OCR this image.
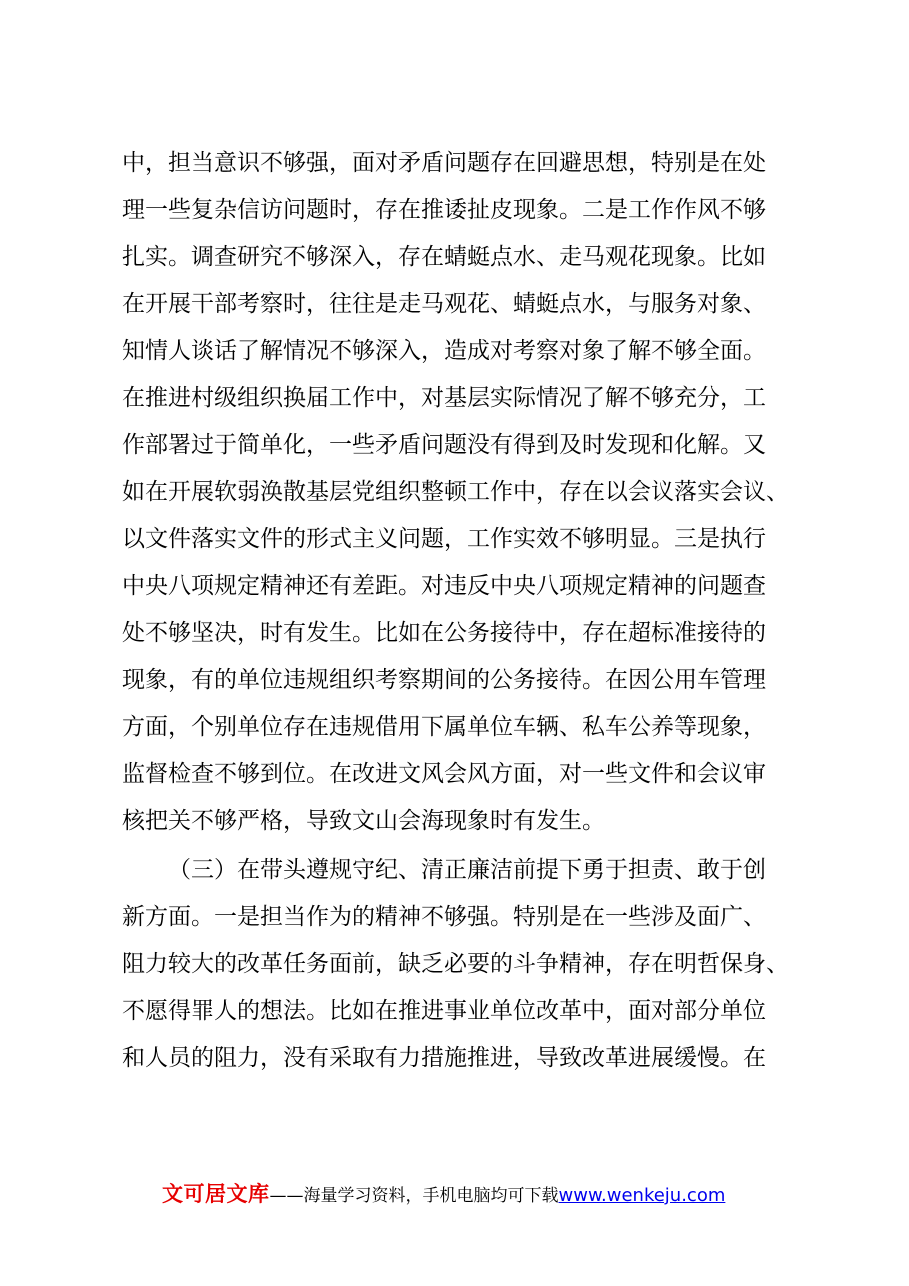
中，担当意识不够强，面对矛盾问题存在回避思想，特别是在处
理一些复杂信访问题时，存在推诿扯皮现象。二是工作作风不够
扎实。调查研究不够深入，存在蜻蜓点水、走马观花现象。比如
在开展干部考察时，往往是走马观花、蜻蜓点水，与服务对象、
知情人谈话了解情况不够深入，造成对考察对象了解不够全面。
在推进村级组织换届工作中，对基层实际情况了解不够充分，工
作部署过于简单化，一些矛盾问题没有得到及时发现和化解。又
如在开展软弱涣散基层党组织整顿工作中，存在以会议落实会议、
以文件落实文件的形式主义问题，工作实效不够明显。三是执行
中央八项规定精神还有差距。对违反中央八项规定精神的问题查
处不够坚决，时有发生。比如在公务接待中，存在超标准接待的
现象，有的单位违规组织考察期间的公务接待。在因公用车管理
方面，个别单位存在违规借用下属单位车辆、私车公养等现象，
监督检查不够到位。在改进文风会风方面，对一些文件和会议审
核把关不够严格，导致文山会海现象时有发生。
（三）在带头遵规守纪、清正廉洁前提下勇于担责、敢于创
新方面。一是担当作为的精神不够强。特别是在一些涉及面广、
阻力较大的改革任务面前，缺乏必要的斗争精神，存在明哲保身、
不愿得罪人的想法。比如在推进事业单位改革中，面对部分单位
和人员的阻力，没有采取有力措施推进，导致改革进展缓慢。在
文可居文库——海量学习资料，手机电脑均可下载www.wenkeju.com
